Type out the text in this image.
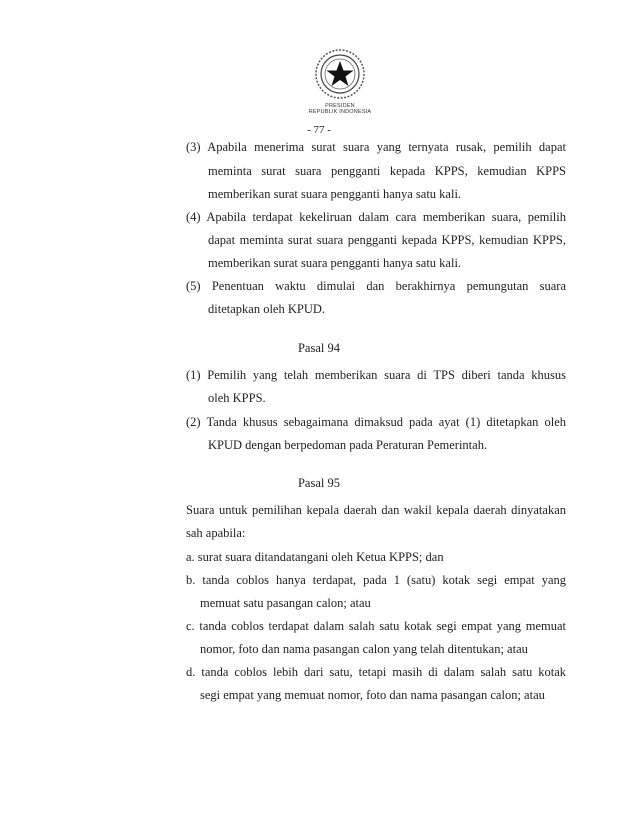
PRESIDEN
REPUBLIK INDONESIA
- 77 -
(3) Apabila menerima surat suara yang ternyata rusak, pemilih dapat
meminta surat suara pengganti kepada KPPS, kemudian KPPS
memberikan surat suara pengganti hanya satu kali.
(4) Apabila terdapat kekeliruan dalam cara memberikan suara, pemilih
dapat meminta surat suara pengganti kepada KPPS, kemudian KPPS,
memberikan surat suara pengganti hanya satu kali.
(5) Penentuan waktu dimulai dan berakhirnya pemungutan suara
ditetapkan oleh KPUD.
Pasal 94
(1) Pemilih yang telah memberikan suara di TPS diberi tanda khusus
oleh KPPS.
(2) Tanda khusus sebagaimana dimaksud pada ayat (1) ditetapkan oleh
KPUD dengan berpedoman pada Peraturan Pemerintah.
Pasal 95
Suara untuk pemilihan kepala daerah dan wakil kepala daerah dinyatakan
sah apabila:
a. surat suara ditandatangani oleh Ketua KPPS; dan
b. tanda coblos hanya terdapat, pada 1 (satu) kotak segi empat yang
memuat satu pasangan calon; atau
c. tanda coblos terdapat dalam salah satu kotak segi empat yang memuat
nomor, foto dan nama pasangan calon yang telah ditentukan; atau
d. tanda coblos lebih dari satu, tetapi masih di dalam salah satu kotak
segi empat yang memuat nomor, foto dan nama pasangan calon; atau
